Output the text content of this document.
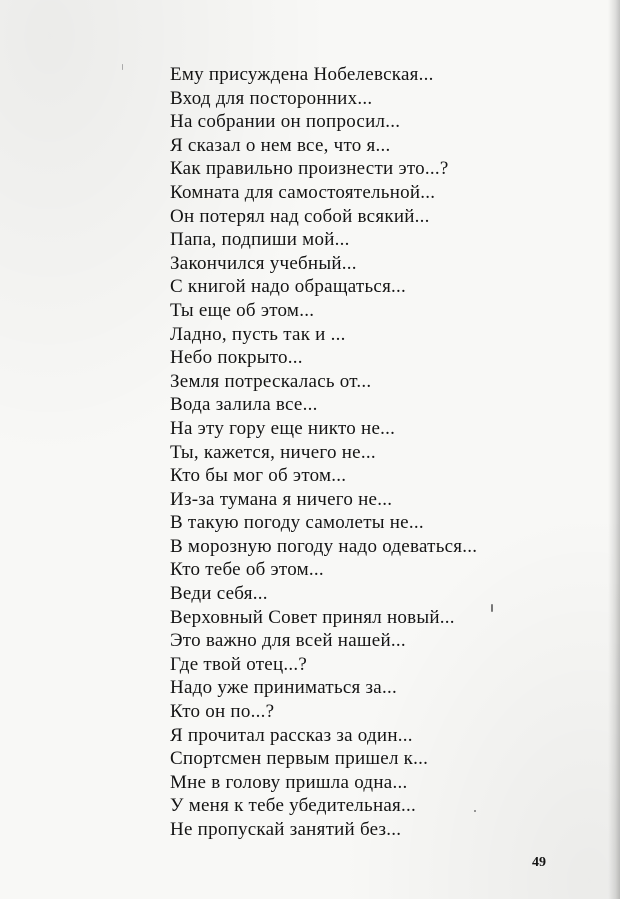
Ему присуждена Нобелевская...
Вход для посторонних...
На собрании он попросил...
Я сказал о нем все, что я...
Как правильно произнести это...?
Комната для самостоятельной...
Он потерял над собой всякий...
Папа, подпиши мой...
Закончился учебный...
С книгой надо обращаться...
Ты еще об этом...
Ладно, пусть так и ...
Небо покрыто...
Земля потрескалась от...
Вода залила все...
На эту гору еще никто не...
Ты, кажется, ничего не...
Кто бы мог об этом...
Из-за тумана я ничего не...
В такую погоду самолеты не...
В морозную погоду надо одеваться...
Кто тебе об этом...
Веди себя...
Верховный Совет принял новый...
Это важно для всей нашей...
Где твой отец...?
Надо уже приниматься за...
Кто он по...?
Я прочитал рассказ за один...
Спортсмен первым пришел к...
Мне в голову пришла одна...
У меня к тебе убедительная...
Не пропускай занятий без...
49
